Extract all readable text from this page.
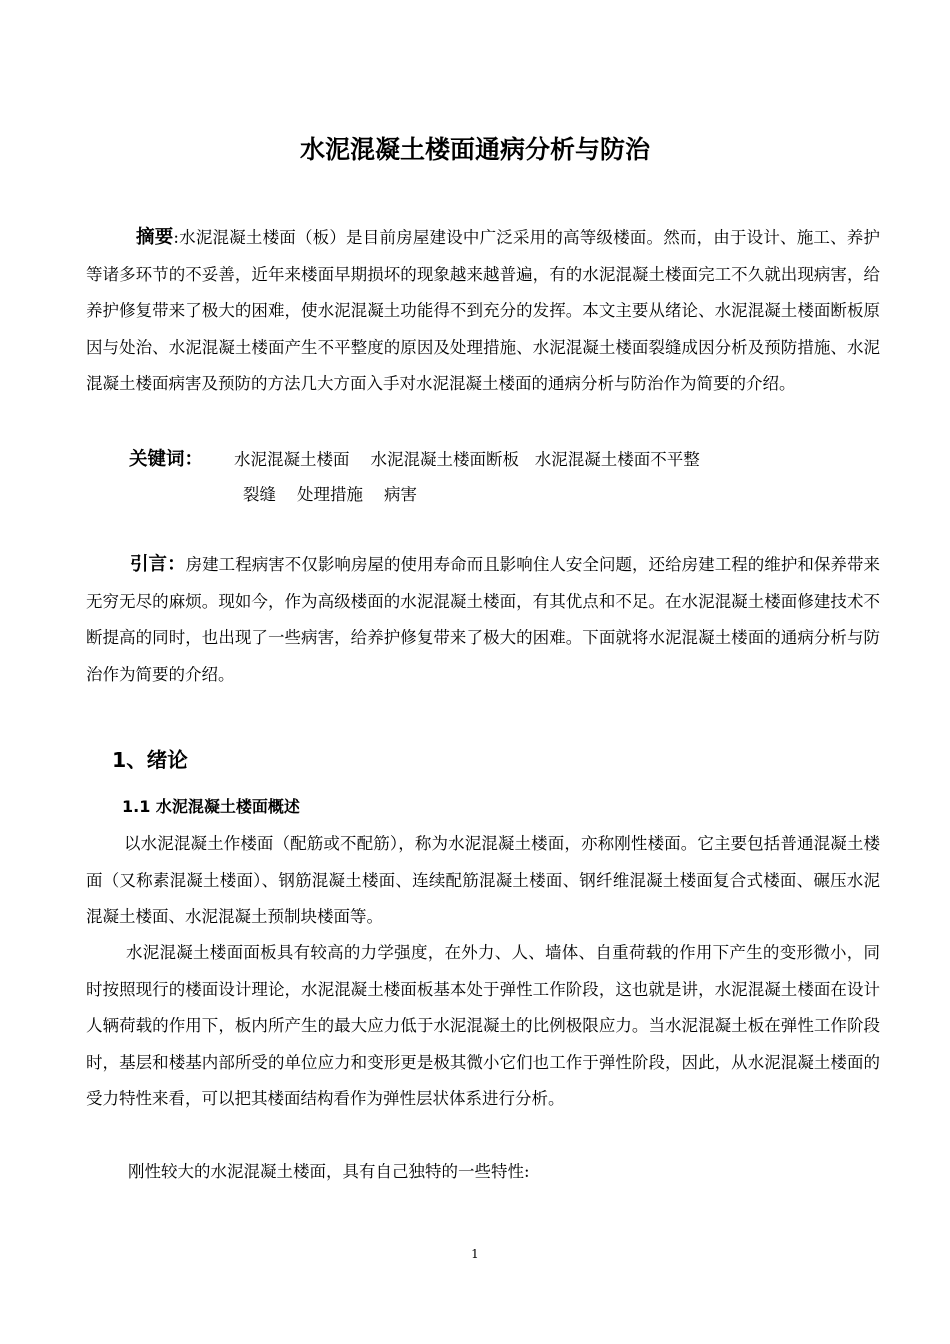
水泥混凝土楼面通病分析与防治
摘要:水泥混凝土楼面（板）是目前房屋建设中广泛采用的高等级楼面。然而，由于设计、施工、养护等诸多环节的不妥善，近年来楼面早期损坏的现象越来越普遍，有的水泥混凝土楼面完工不久就出现病害，给养护修复带来了极大的困难，使水泥混凝土功能得不到充分的发挥。本文主要从绪论、水泥混凝土楼面断板原因与处治、水泥混凝土楼面产生不平整度的原因及处理措施、水泥混凝土楼面裂缝成因分析及预防措施、水泥混凝土楼面病害及预防的方法几大方面入手对水泥混凝土楼面的通病分析与防治作为简要的介绍。
关键词： 水泥混凝土楼面    水泥混凝土楼面断板   水泥混凝土楼面不平整
裂缝    处理措施    病害
引言：房建工程病害不仅影响房屋的使用寿命而且影响住人安全问题，还给房建工程的维护和保养带来无穷无尽的麻烦。现如今，作为高级楼面的水泥混凝土楼面，有其优点和不足。在水泥混凝土楼面修建技术不断提高的同时，也出现了一些病害，给养护修复带来了极大的困难。下面就将水泥混凝土楼面的通病分析与防治作为简要的介绍。
1、绪论
1.1 水泥混凝土楼面概述
以水泥混凝土作楼面（配筋或不配筋），称为水泥混凝土楼面，亦称刚性楼面。它主要包括普通混凝土楼面（又称素混凝土楼面）、钢筋混凝土楼面、连续配筋混凝土楼面、钢纤维混凝土楼面复合式楼面、碾压水泥混凝土楼面、水泥混凝土预制块楼面等。
水泥混凝土楼面面板具有较高的力学强度，在外力、人、墙体、自重荷载的作用下产生的变形微小，同时按照现行的楼面设计理论，水泥混凝土楼面板基本处于弹性工作阶段，这也就是讲，水泥混凝土楼面在设计人辆荷载的作用下，板内所产生的最大应力低于水泥混凝土的比例极限应力。当水泥混凝土板在弹性工作阶段时，基层和楼基内部所受的单位应力和变形更是极其微小它们也工作于弹性阶段，因此，从水泥混凝土楼面的受力特性来看，可以把其楼面结构看作为弹性层状体系进行分析。
刚性较大的水泥混凝土楼面，具有自己独特的一些特性:
1
